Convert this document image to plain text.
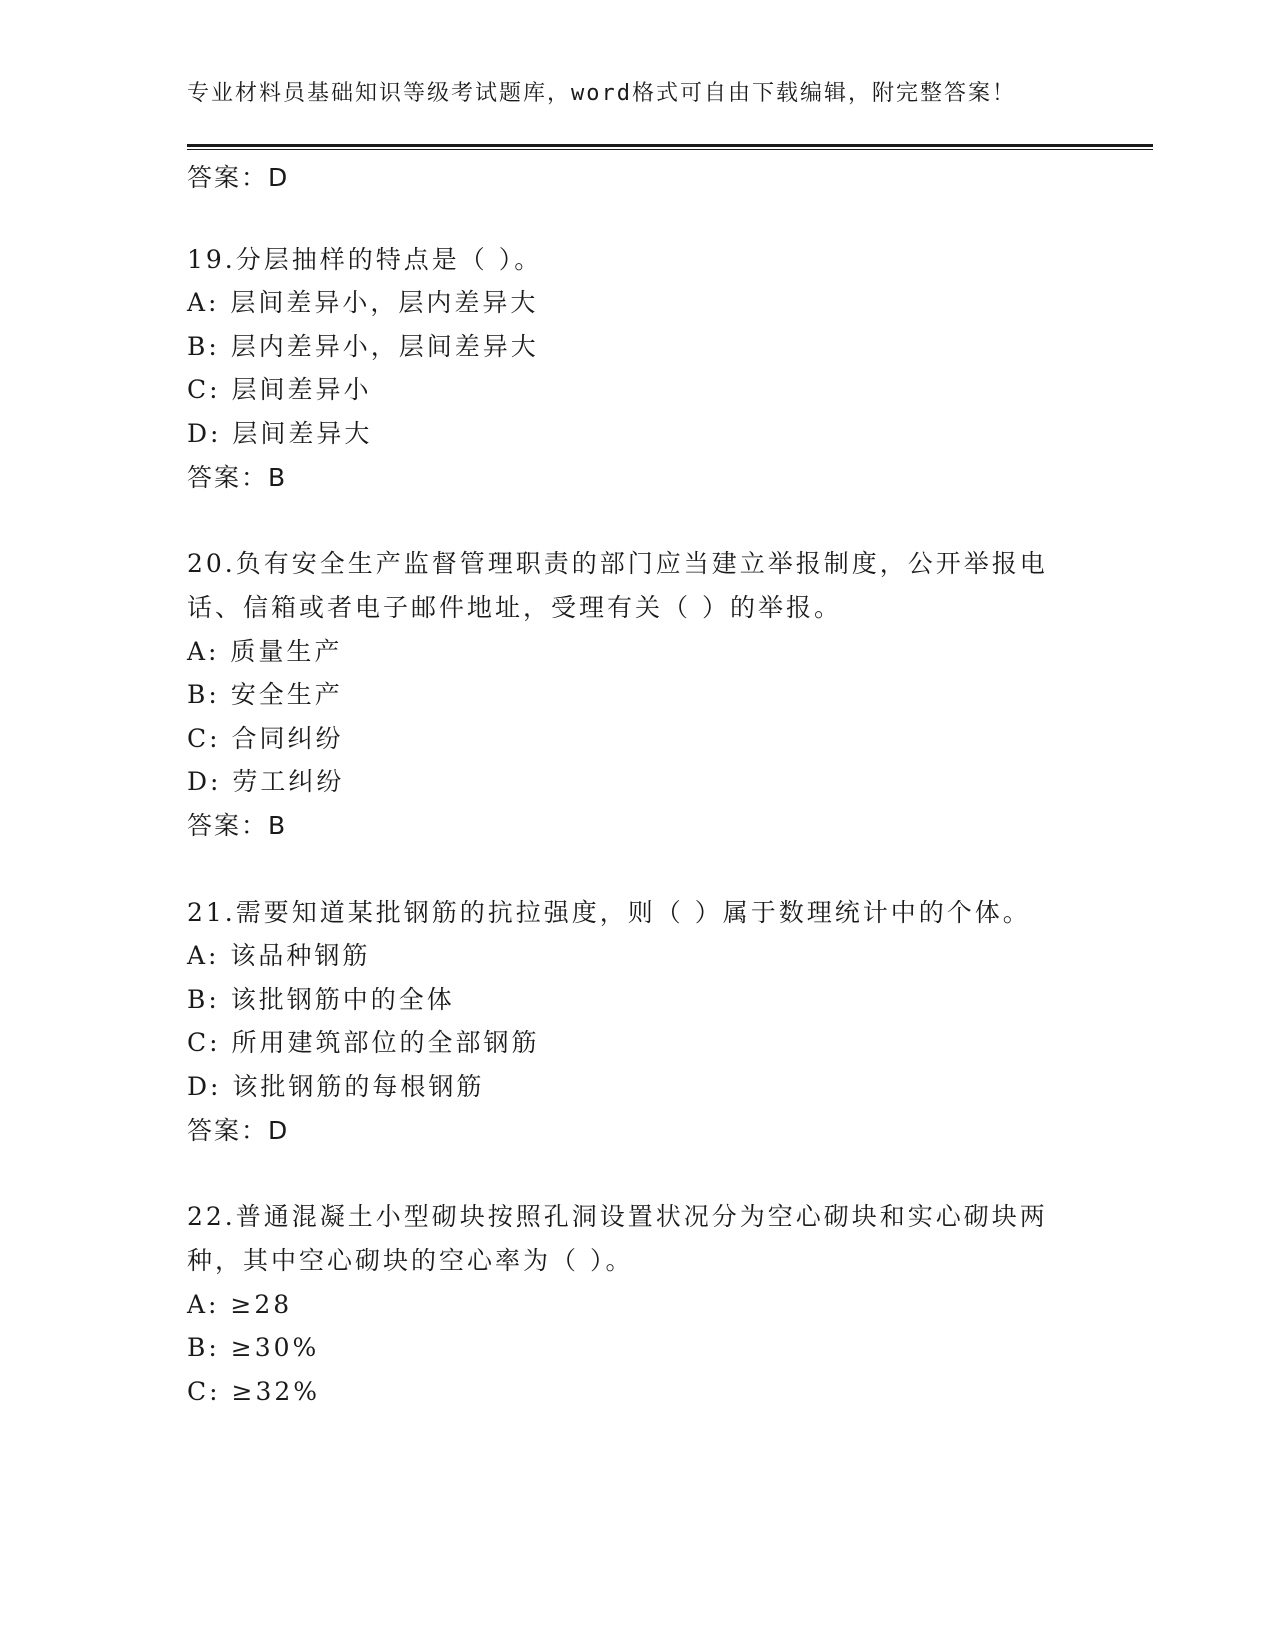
专业材料员基础知识等级考试题库，word格式可自由下载编辑，附完整答案！
答案：D
19.分层抽样的特点是（ ）。
A: 层间差异小，层内差异大
B: 层内差异小，层间差异大
C: 层间差异小
D: 层间差异大
答案：B
20.负有安全生产监督管理职责的部门应当建立举报制度，公开举报电
话、信箱或者电子邮件地址，受理有关（ ）的举报。
A: 质量生产
B: 安全生产
C: 合同纠纷
D: 劳工纠纷
答案：B
21.需要知道某批钢筋的抗拉强度，则（ ）属于数理统计中的个体。
A: 该品种钢筋
B: 该批钢筋中的全体
C: 所用建筑部位的全部钢筋
D: 该批钢筋的每根钢筋
答案：D
22.普通混凝土小型砌块按照孔洞设置状况分为空心砌块和实心砌块两
种，其中空心砌块的空心率为（ ）。
A: ≥28
B: ≥30%
C: ≥32%
